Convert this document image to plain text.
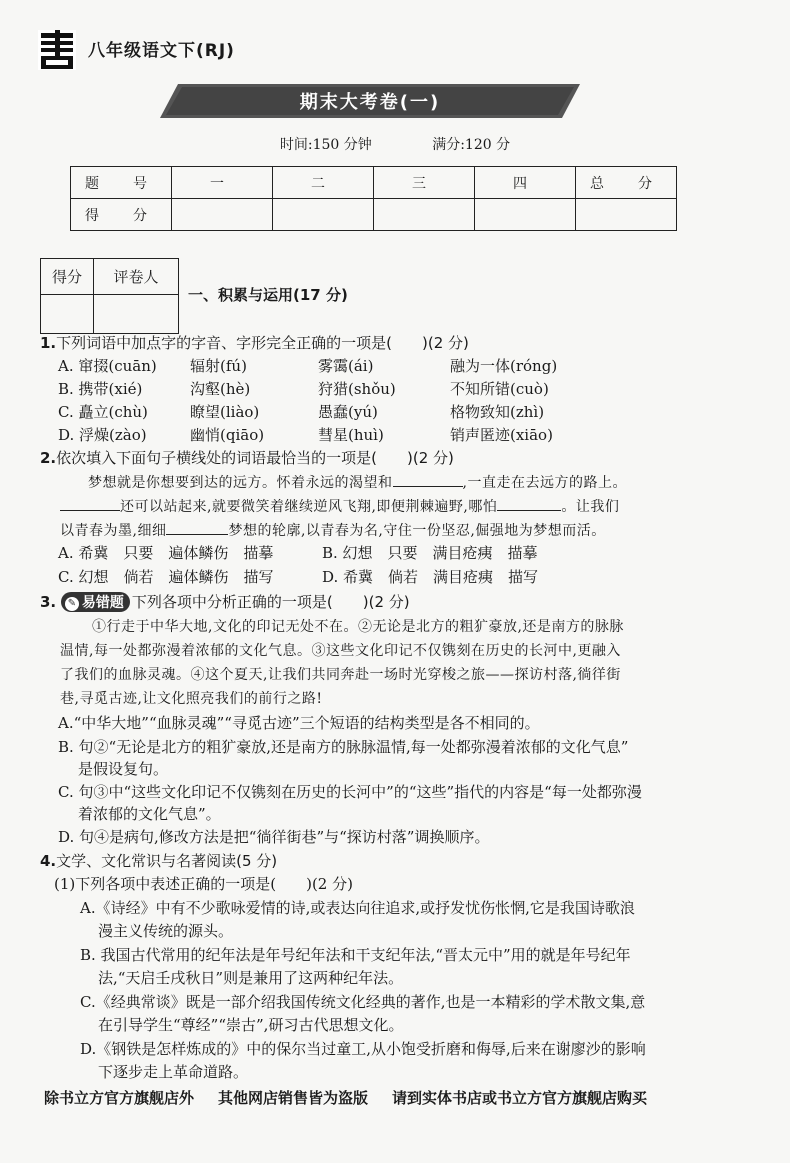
八年级语文下(RJ)
期末大考卷(一)
时间:150 分钟	满分:120 分
题　号	一	二	三	四	总　分
得　分					
得分	评卷人

一、积累与运用(17 分)
1.下列词语中加点字的字音、字形完全正确的一项是(　　)(2 分)
A. 窜掇(cuān) 辐射(fú)	雾霭(ái)	融为一体(róng)
B. 携带(xié)	沟壑(hè)	狩猎(shǒu)	不知所错(cuò)
C. 矗立(chù)	瞭望(liào)	愚蠢(yú)	格物致知(zhì)
D. 浮燥(zào)	幽悄(qiāo)	彗星(huì)	销声匿迹(xiāo)
2.依次填入下面句子横线处的词语最恰当的一项是(　　)(2 分)
梦想就是你想要到达的远方。怀着永远的渴望和	,一直走在去远方的路上。
还可以站起来,就要微笑着继续逆风飞翔,即便荆棘遍野,哪怕	。让我们
以青春为墨,细细	梦想的轮廓,以青春为名,守住一份坚忍,倔强地为梦想而活。
A. 希冀　只要　遍体鳞伤　描摹	B. 幻想　只要　满目疮痍　描摹
C. 幻想　倘若　遍体鳞伤　描写	D. 希冀　倘若　满目疮痍　描写
3. ✎ 易错题 下列各项中分析正确的一项是(　　)(2 分)
①行走于中华大地,文化的印记无处不在。②无论是北方的粗犷豪放,还是南方的脉脉
温情,每一处都弥漫着浓郁的文化气息。③这些文化印记不仅镌刻在历史的长河中,更融入
了我们的血脉灵魂。④这个夏天,让我们共同奔赴一场时光穿梭之旅——探访村落,徜徉街
巷,寻觅古迹,让文化照亮我们的前行之路!
A.“中华大地”“血脉灵魂”“寻觅古迹”三个短语的结构类型是各不相同的。
B. 句②“无论是北方的粗犷豪放,还是南方的脉脉温情,每一处都弥漫着浓郁的文化气息”
是假设复句。
C. 句③中“这些文化印记不仅镌刻在历史的长河中”的“这些”指代的内容是“每一处都弥漫
着浓郁的文化气息”。
D. 句④是病句,修改方法是把“徜徉街巷”与“探访村落”调换顺序。
4.文学、文化常识与名著阅读(5 分)
(1)下列各项中表述正确的一项是(　　)(2 分)
A.《诗经》中有不少歌咏爱情的诗,或表达向往追求,或抒发忧伤怅惘,它是我国诗歌浪
漫主义传统的源头。
B. 我国古代常用的纪年法是年号纪年法和干支纪年法,“晋太元中”用的就是年号纪年
法,“天启壬戌秋日”则是兼用了这两种纪年法。
C.《经典常谈》既是一部介绍我国传统文化经典的著作,也是一本精彩的学术散文集,意
在引导学生“尊经”“崇古”,研习古代思想文化。
D.《钢铁是怎样炼成的》中的保尔当过童工,从小饱受折磨和侮辱,后来在谢廖沙的影响
下逐步走上革命道路。
除书立方官方旗舰店外 其他网店销售皆为盗版 请到实体书店或书立方官方旗舰店购买
